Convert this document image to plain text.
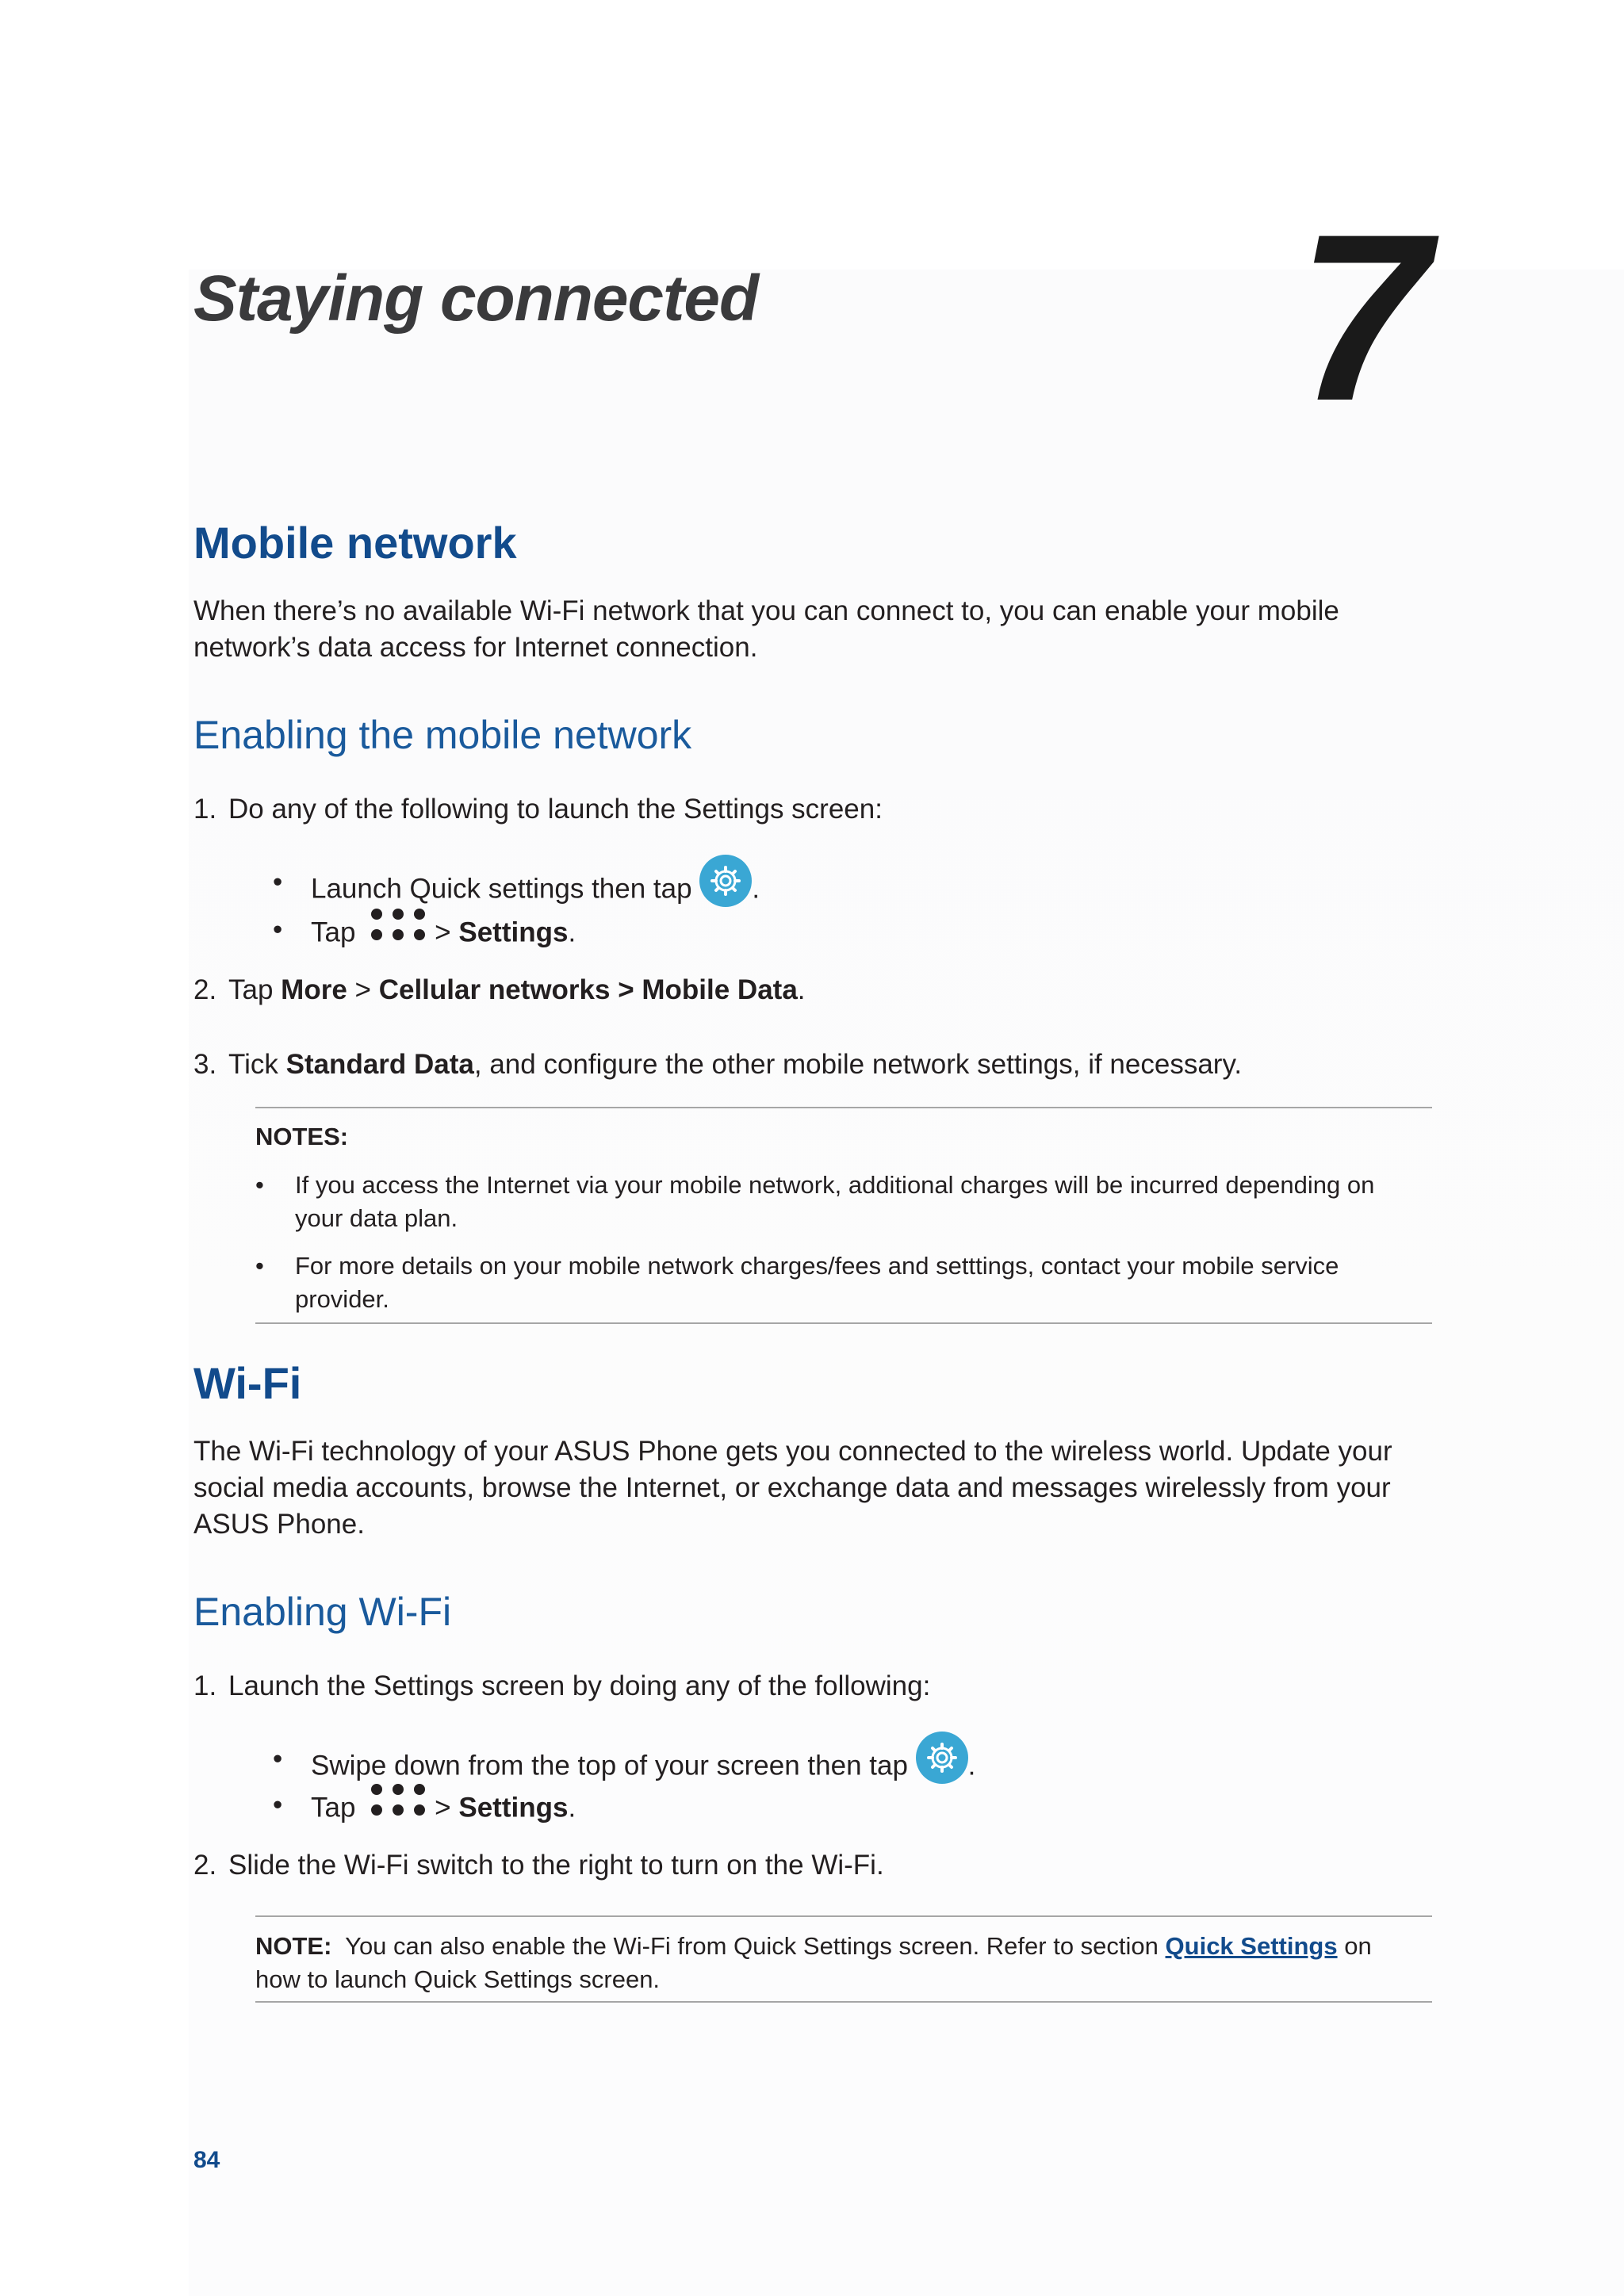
Staying connected 7
Mobile network

When there’s no available Wi-Fi network that you can connect to, you can enable your mobile

network’s data access for Internet connection.

Enabling the mobile network
1. Do any of the following to launch the Settings screen:
• Launch Quick settings then tap .
• Tap	> Settings.
2. Tap More > Cellular networks > Mobile Data.
3. Tick Standard Data, and configure the other mobile network settings, if necessary.
NOTES:
• If you access the Internet via your mobile network, additional charges will be incurred depending on
your data plan.
• For more details on your mobile network charges/fees and setttings, contact your mobile service
provider.
Wi-Fi

The Wi-Fi technology of your ASUS Phone gets you connected to the wireless world. Update your

social media accounts, browse the Internet, or exchange data and messages wirelessly from your

ASUS Phone.

Enabling Wi-Fi
1. Launch the Settings screen by doing any of the following:
• Swipe down from the top of your screen then tap .
• Tap	> Settings.
2. Slide the Wi-Fi switch to the right to turn on the Wi-Fi.
NOTE: You can also enable the Wi-Fi from Quick Settings screen. Refer to section Quick Settings on
how to launch Quick Settings screen.
84
